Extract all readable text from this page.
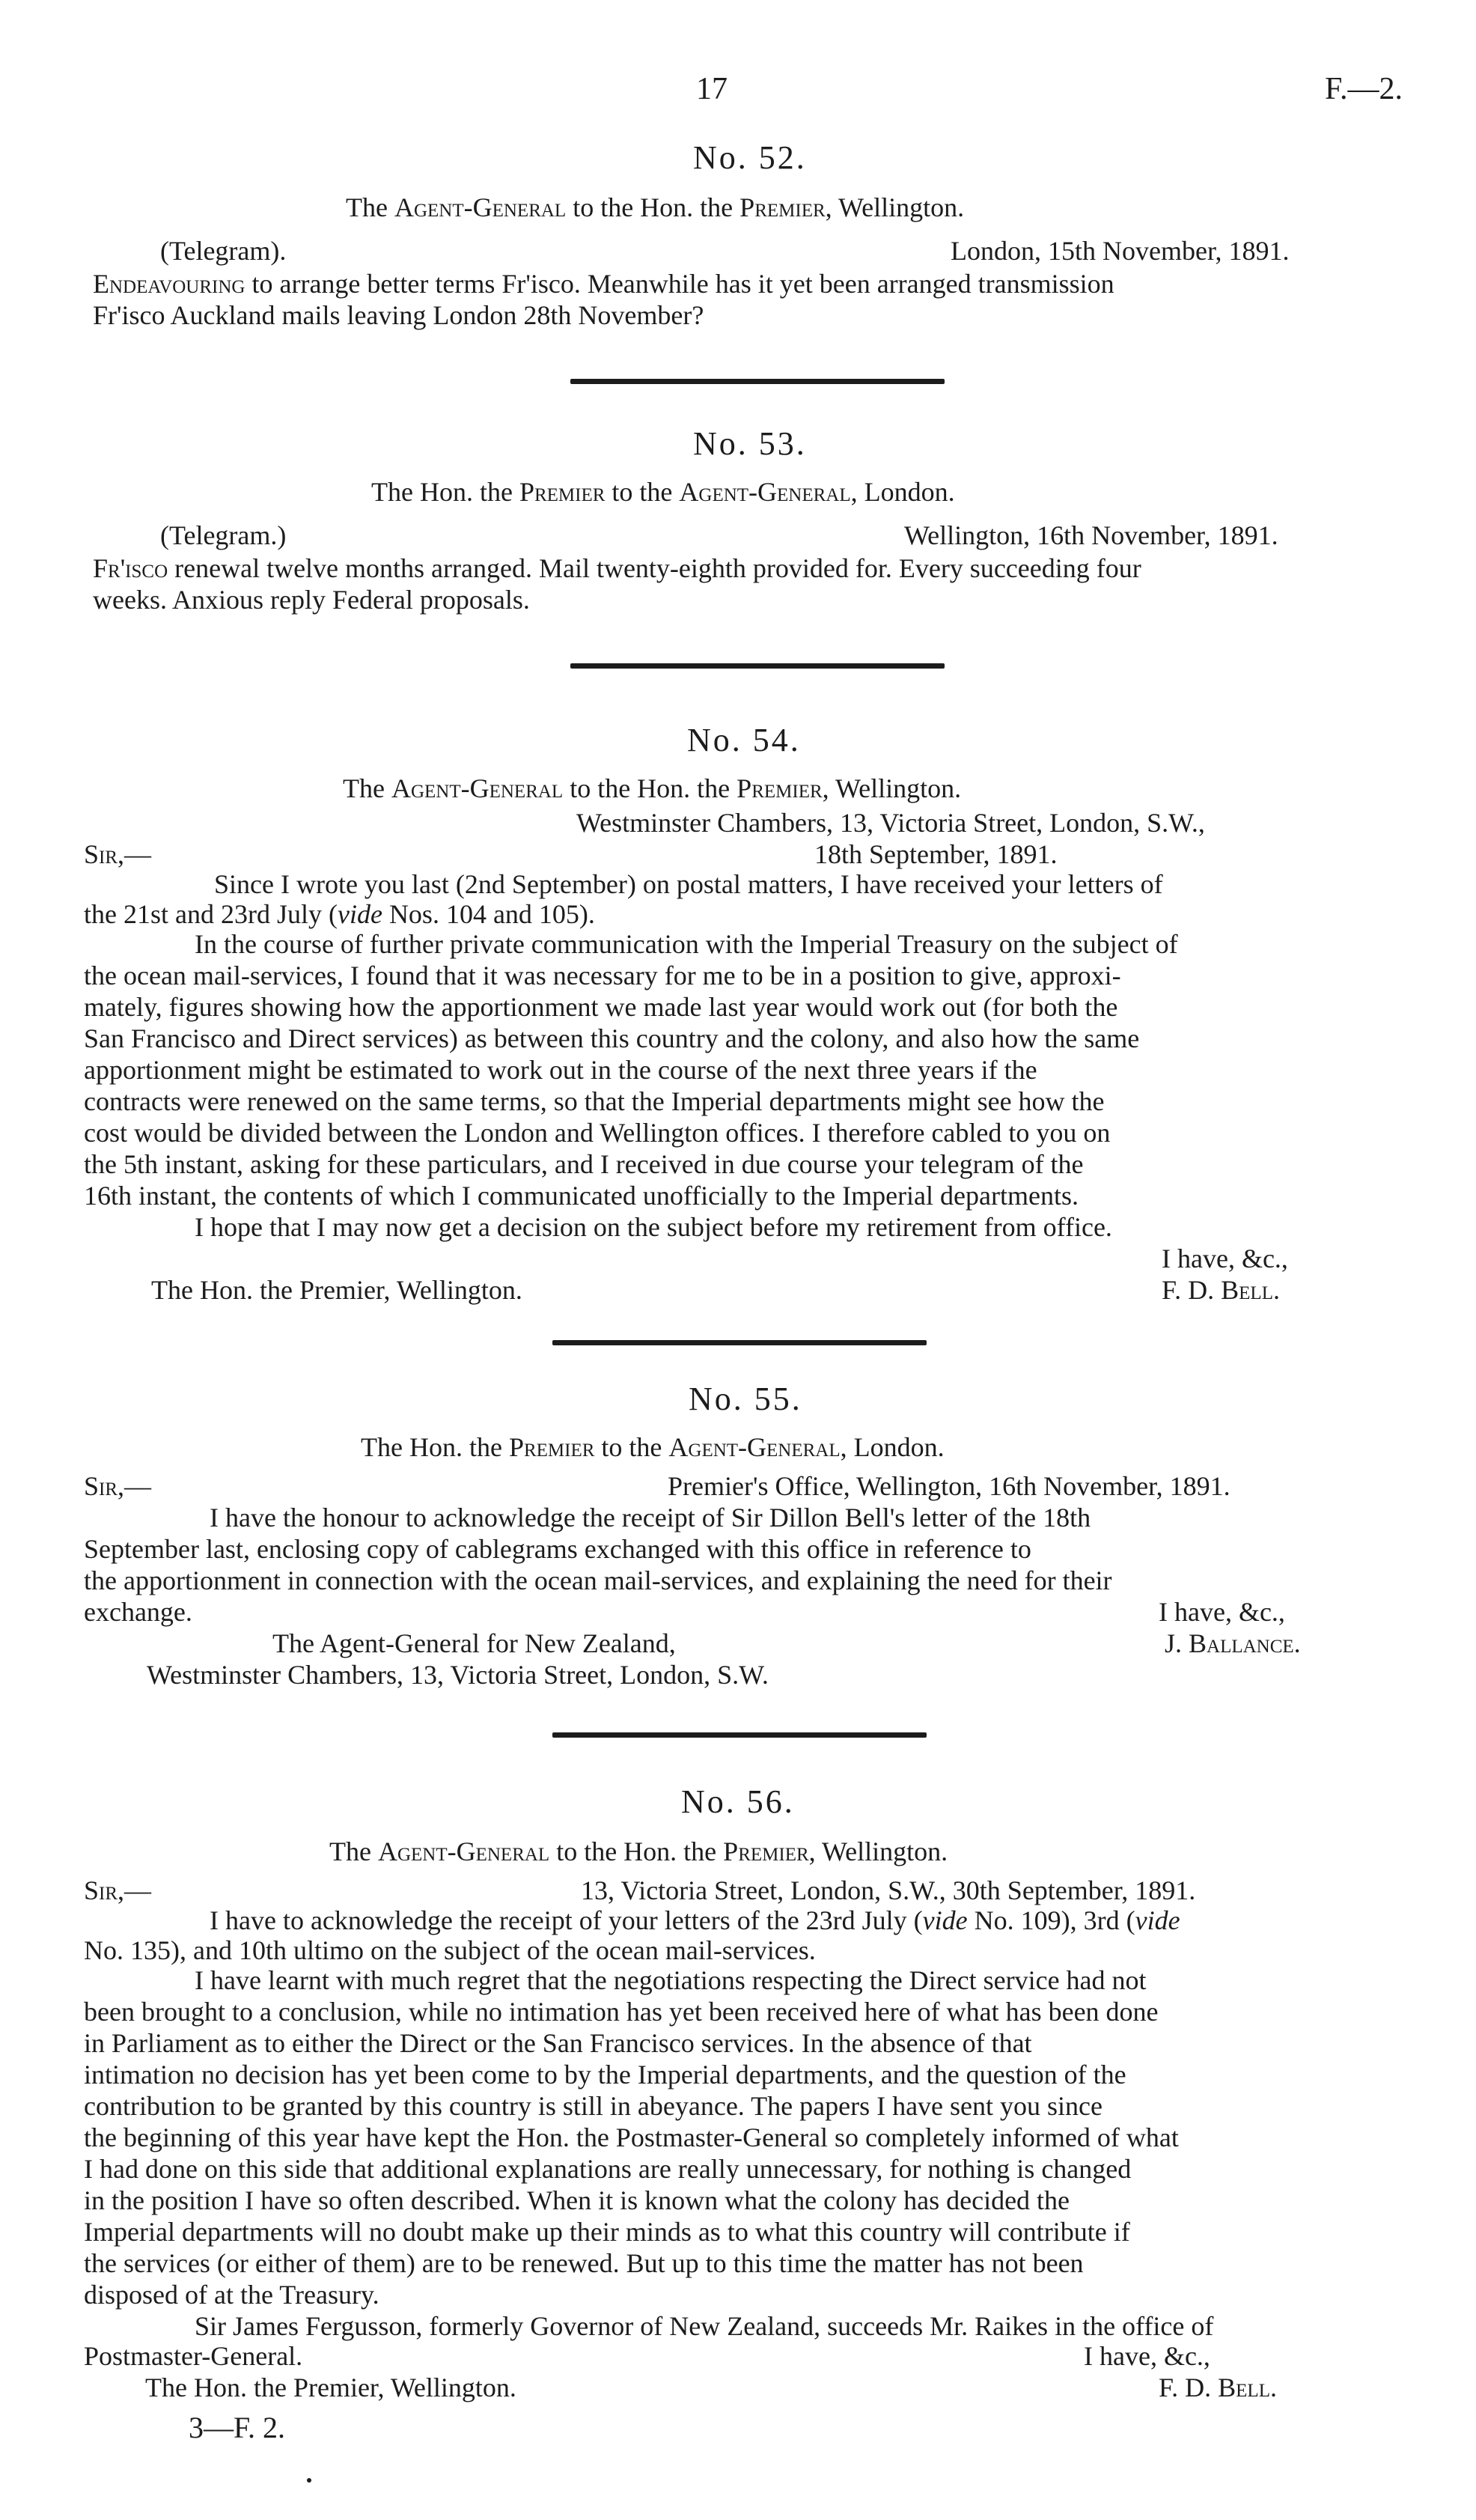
17	F.—2.
No. 52.
The Agent-General to the Hon. the Premier, Wellington.
(Telegram).	London, 15th November, 1891.
Endeavouring to arrange better terms Fr'isco. Meanwhile has it yet been arranged transmission
Fr'isco Auckland mails leaving London 28th November?
No. 53.
The Hon. the Premier to the Agent-General, London.
(Telegram.)	Wellington, 16th November, 1891.
Fr'isco renewal twelve months arranged. Mail twenty-eighth provided for. Every succeeding four
weeks. Anxious reply Federal proposals.
No. 54.
The Agent-General to the Hon. the Premier, Wellington.
Westminster Chambers, 13, Victoria Street, London, S.W.,
Sir,—	18th September, 1891.
Since I wrote you last (2nd September) on postal matters, I have received your letters of
the 21st and 23rd July (vide Nos. 104 and 105).
In the course of further private communication with the Imperial Treasury on the subject of
the ocean mail-services, I found that it was necessary for me to be in a position to give, approxi-
mately, figures showing how the apportionment we made last year would work out (for both the
San Francisco and Direct services) as between this country and the colony, and also how the same
apportionment might be estimated to work out in the course of the next three years if the
contracts were renewed on the same terms, so that the Imperial departments might see how the
cost would be divided between the London and Wellington offices. I therefore cabled to you on
the 5th instant, asking for these particulars, and I received in due course your telegram of the
16th instant, the contents of which I communicated unofficially to the Imperial departments.
I hope that I may now get a decision on the subject before my retirement from office.
I have, &c.,
The Hon. the Premier, Wellington.	F. D. Bell.
No. 55.
The Hon. the Premier to the Agent-General, London.
Sir,—	Premier's Office, Wellington, 16th November, 1891.
I have the honour to acknowledge the receipt of Sir Dillon Bell's letter of the 18th
September last, enclosing copy of cablegrams exchanged with this office in reference to
the apportionment in connection with the ocean mail-services, and explaining the need for their
exchange.	I have, &c.,
The Agent-General for New Zealand,	J. Ballance.
Westminster Chambers, 13, Victoria Street, London, S.W.
No. 56.
The Agent-General to the Hon. the Premier, Wellington.
Sir,—	13, Victoria Street, London, S.W., 30th September, 1891.
I have to acknowledge the receipt of your letters of the 23rd July (vide No. 109), 3rd (vide
No. 135), and 10th ultimo on the subject of the ocean mail-services.
I have learnt with much regret that the negotiations respecting the Direct service had not
been brought to a conclusion, while no intimation has yet been received here of what has been done
in Parliament as to either the Direct or the San Francisco services. In the absence of that
intimation no decision has yet been come to by the Imperial departments, and the question of the
contribution to be granted by this country is still in abeyance. The papers I have sent you since
the beginning of this year have kept the Hon. the Postmaster-General so completely informed of what
I had done on this side that additional explanations are really unnecessary, for nothing is changed
in the position I have so often described. When it is known what the colony has decided the
Imperial departments will no doubt make up their minds as to what this country will contribute if
the services (or either of them) are to be renewed. But up to this time the matter has not been
disposed of at the Treasury.
Sir James Fergusson, formerly Governor of New Zealand, succeeds Mr. Raikes in the office of
Postmaster-General.	I have, &c.,
The Hon. the Premier, Wellington.	F. D. Bell.
3—F. 2.
